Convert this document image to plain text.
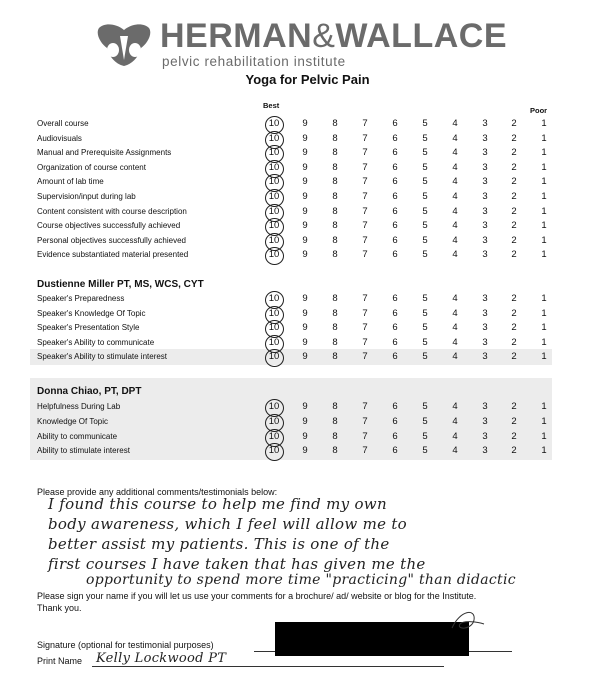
HERMAN&WALLACE
pelvic rehabilitation institute
Yoga for Pelvic Pain
Best
Poor
Overall course	10	9	8	7	6	5	4	3	2	1
Audiovisuals	10	9	8	7	6	5	4	3	2	1
Manual and Prerequisite Assignments	10	9	8	7	6	5	4	3	2	1
Organization of course content	10	9	8	7	6	5	4	3	2	1
Amount of lab time	10	9	8	7	6	5	4	3	2	1
Supervision/input during lab	10	9	8	7	6	5	4	3	2	1
Content consistent with course description	10	9	8	7	6	5	4	3	2	1
Course objectives successfully achieved	10	9	8	7	6	5	4	3	2	1
Personal objectives successfully achieved	10	9	8	7	6	5	4	3	2	1
Evidence substantiated material presented	10	9	8	7	6	5	4	3	2	1
Dustienne Miller PT, MS, WCS, CYT
Speaker's Preparedness	10	9	8	7	6	5	4	3	2	1
Speaker's Knowledge Of Topic	10	9	8	7	6	5	4	3	2	1
Speaker's Presentation Style	10	9	8	7	6	5	4	3	2	1
Speaker's Ability to communicate	10	9	8	7	6	5	4	3	2	1
Speaker's Ability to stimulate interest	10	9	8	7	6	5	4	3	2	1
Donna Chiao, PT, DPT
Helpfulness During Lab	10	9	8	7	6	5	4	3	2	1
Knowledge Of Topic	10	9	8	7	6	5	4	3	2	1
Ability to communicate	10	9	8	7	6	5	4	3	2	1
Ability to stimulate interest	10	9	8	7	6	5	4	3	2	1
Please provide any additional comments/testimonials below:
I found this course to help me find my own
body awareness, which I feel will allow me to
better assist my patients. This is one of the
first courses I have taken that has given me the
opportunity to spend more time "practicing" than didactic
Please sign your name if you will let us use your comments for a brochure/ ad/ website or blog for the Institute.
Thank you.
Signature (optional for testimonial purposes)
Print Name Kelly Lockwood PT
